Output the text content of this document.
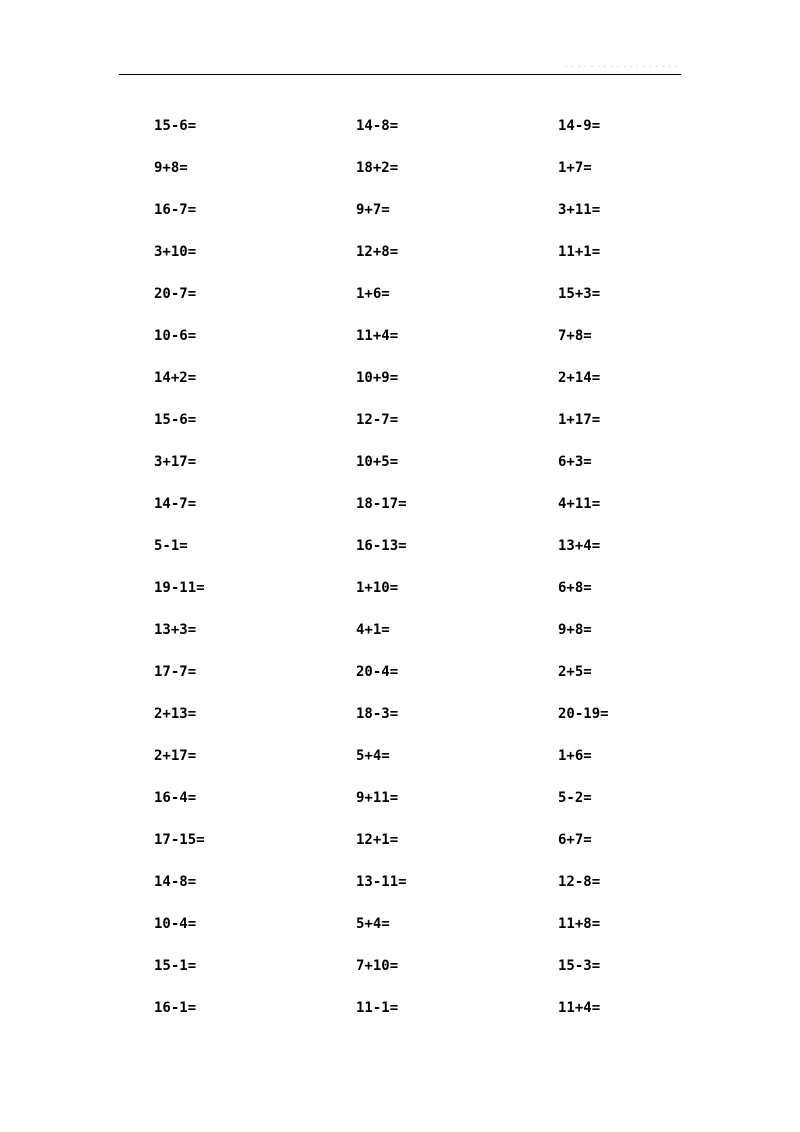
· · · · · · · · · · · · · · · · · ·
15-6=	14-8=	14-9=
9+8=	18+2=	1+7=
16-7=	9+7=	3+11=
3+10=	12+8=	11+1=
20-7=	1+6=	15+3=
10-6=	11+4=	7+8=
14+2=	10+9=	2+14=
15-6=	12-7=	1+17=
3+17=	10+5=	6+3=
14-7=	18-17=	4+11=
5-1=	16-13=	13+4=
19-11=	1+10=	6+8=
13+3=	4+1=	9+8=
17-7=	20-4=	2+5=
2+13=	18-3=	20-19=
2+17=	5+4=	1+6=
16-4=	9+11=	5-2=
17-15=	12+1=	6+7=
14-8=	13-11=	12-8=
10-4=	5+4=	11+8=
15-1=	7+10=	15-3=
16-1=	11-1=	11+4=
